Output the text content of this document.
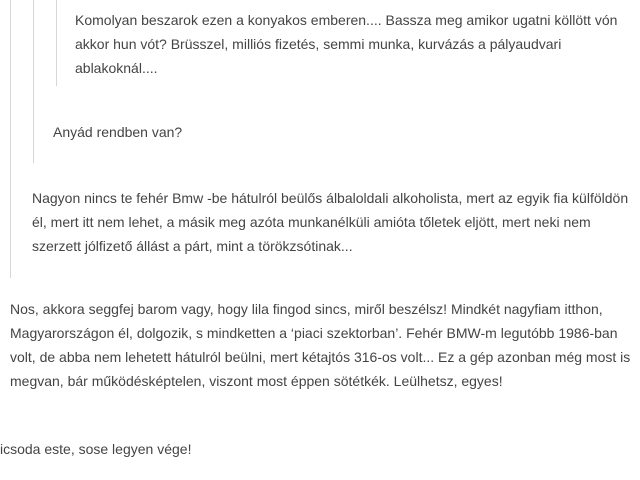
Komolyan beszarok ezen a konyakos emberen.... Bassza meg amikor ugatni köllött vón
akkor hun vót? Brüsszel, milliós fizetés, semmi munka, kurvázás a pályaudvari
ablakoknál....

Anyád rendben van?

Nagyon nincs te fehér Bmw -be hátulról beülős álbaloldali alkoholista, mert az egyik fia külföldön
él, mert itt nem lehet, a másik meg azóta munkanélküli amióta tőletek eljött, mert neki nem
szerzett jólfizető állást a párt, mint a törökzsótinak...

Nos, akkora seggfej barom vagy, hogy lila fingod sincs, miről beszélsz! Mindkét nagyfiam itthon,
Magyarországon él, dolgozik, s mindketten a ‘piaci szektorban’. Fehér BMW-m legutóbb 1986-ban
volt, de abba nem lehetett hátulról beülni, mert kétajtós 316-os volt... Ez a gép azonban még most is
megvan, bár működésképtelen, viszont most éppen sötétkék. Leülhetsz, egyes!

icsoda este, sose legyen vége!
